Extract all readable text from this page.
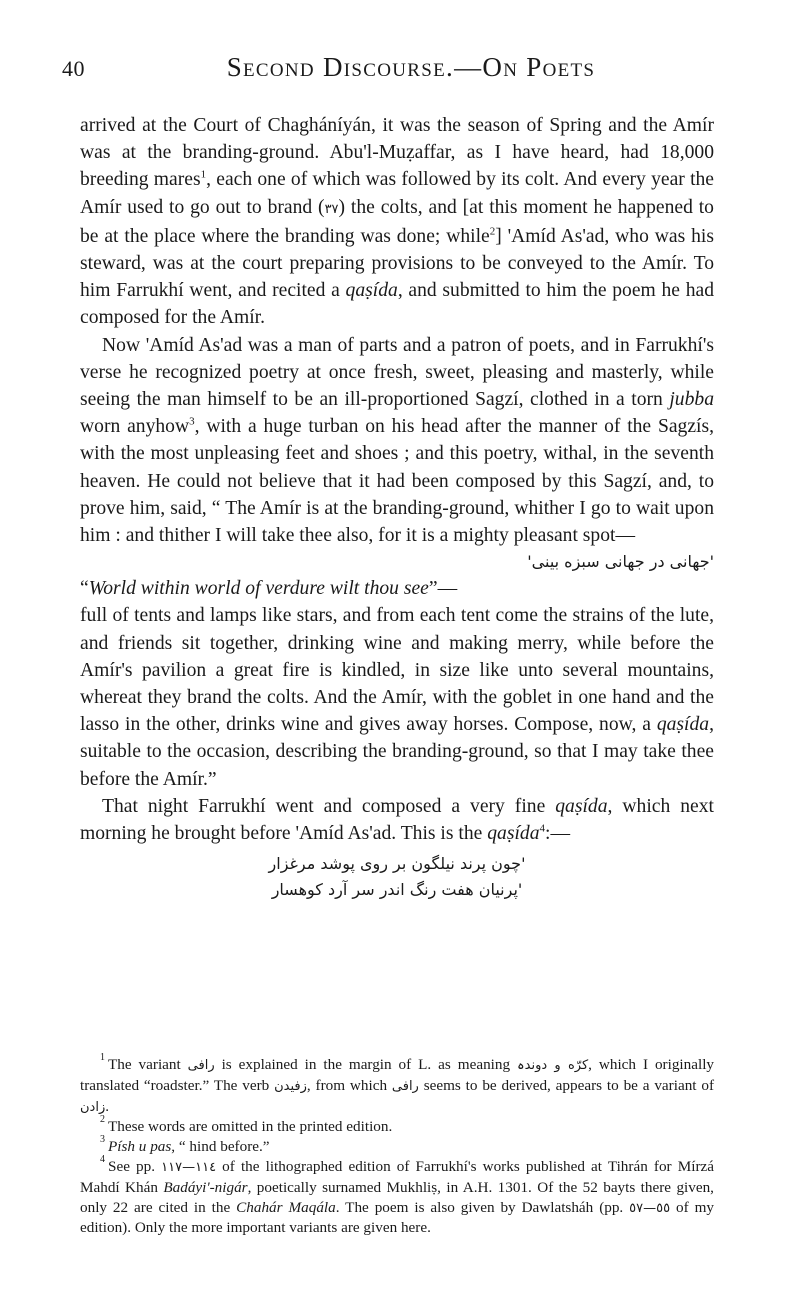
40	Second Discourse.—On Poets

arrived at the Court of Chagháníyán, it was the season of Spring and the Amír was at the branding-ground. Abu'l-Muẓaffar, as I have heard, had 18,000 breeding mares$^1$, each one of which was followed by its colt. And every year the Amír used to go out to brand (٣٧) the colts, and [at this moment he happened to be at the place where the branding was done; while$^2$] 'Amíd As'ad, who was his steward, was at the court preparing provisions to be conveyed to the Amír. To him Farrukhí went, and recited a qaṣída, and submitted to him the poem he had composed for the Amír.

Now 'Amíd As'ad was a man of parts and a patron of poets, and in Farrukhí's verse he recognized poetry at once fresh, sweet, pleasing and masterly, while seeing the man himself to be an ill-proportioned Sagzí, clothed in a torn jubba worn anyhow$^3$, with a huge turban on his head after the manner of the Sagzís, with the most unpleasing feet and shoes ; and this poetry, withal, in the seventh heaven. He could not believe that it had been composed by this Sagzí, and, to prove him, said, “ The Amír is at the branding-ground, whither I go to wait upon him : and thither I will take thee also, for it is a mighty pleasant spot—

'جهانی در جهانی سبزه بینی'

“World within world of verdure wilt thou see”—

full of tents and lamps like stars, and from each tent come the strains of the lute, and friends sit together, drinking wine and making merry, while before the Amír's pavilion a great fire is kindled, in size like unto several mountains, whereat they brand the colts. And the Amír, with the goblet in one hand and the lasso in the other, drinks wine and gives away horses. Compose, now, a qaṣída, suitable to the occasion, describing the branding-ground, so that I may take thee before the Amír.”

That night Farrukhí went and composed a very fine qaṣída, which next morning he brought before 'Amíd As'ad. This is the qaṣída$^4$:—

'چون پرند نیلگون بر روی پوشد مرغزار
'پرنیان هفت رنگ اندر سر آرد کوهسار

$^1$ The variant رافی is explained in the margin of L. as meaning کرّه و دوندہ, which I originally translated “roadster.” The verb زفیدن, from which رافی seems to be derived, appears to be a variant of زادن.

$^2$ These words are omitted in the printed edition.

$^3$ Písh u pas, “ hind before.”

$^4$ See pp. ١١٤—١١٧ of the lithographed edition of Farrukhí's works published at Tihrán for Mírzá Mahdí Khán Badáyi'-nigár, poetically surnamed Mukhliṣ, in A.H. 1301. Of the 52 bayts there given, only 22 are cited in the Chahár Maqála. The poem is also given by Dawlatsháh (pp. ٥٥—٥٧ of my edition). Only the more important variants are given here.
